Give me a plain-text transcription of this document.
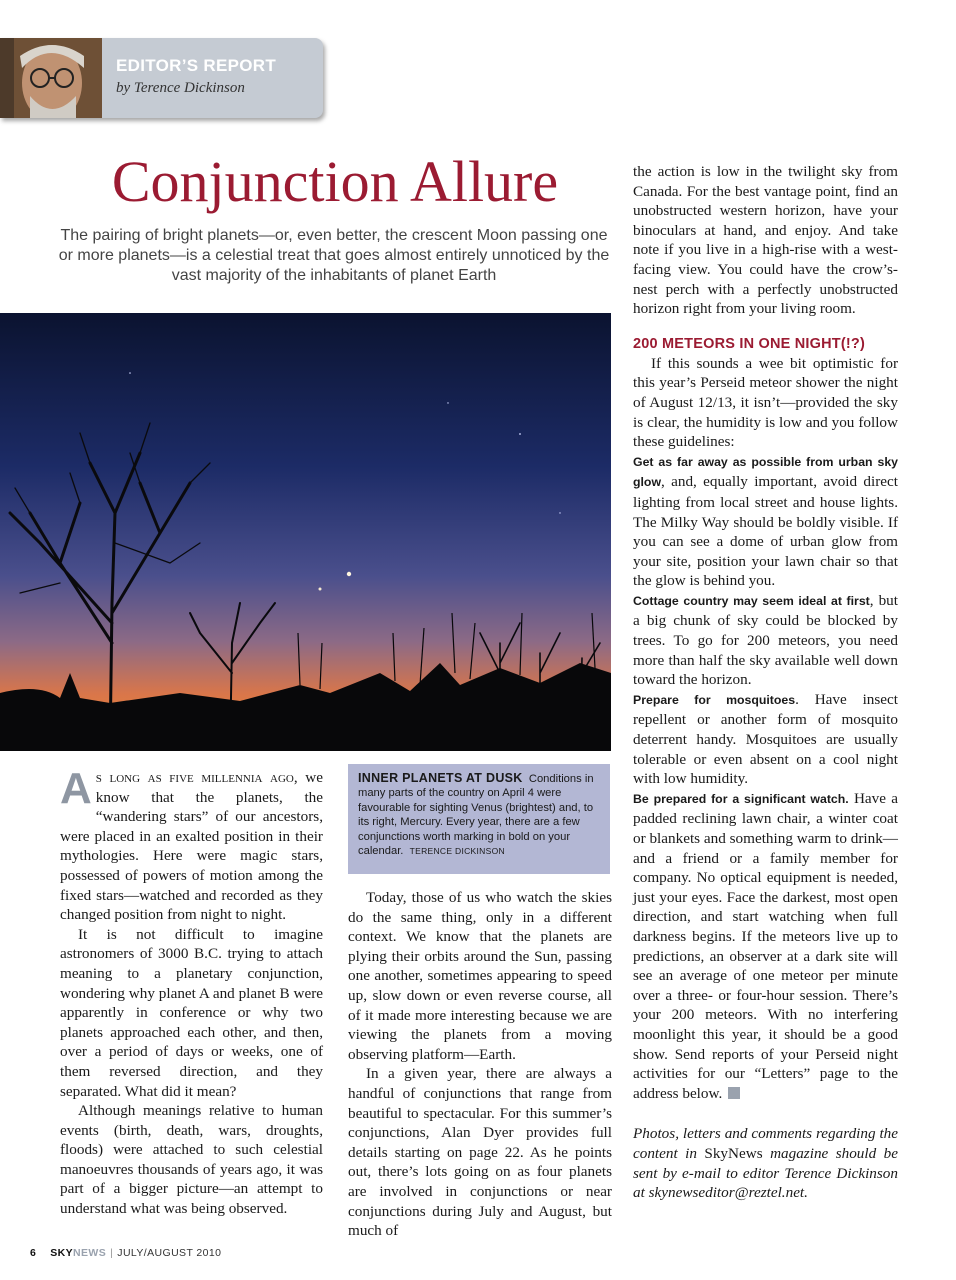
EDITOR’S REPORT
by Terence Dickinson
Conjunction Allure
The pairing of bright planets—or, even better, the crescent Moon passing one or more planets—is a celestial treat that goes almost entirely unnoticed by the vast majority of the inhabitants of planet Earth

As long as five millennia ago, we know that the planets, the “wandering stars” of our ancestors, were placed in an exalted position in their mythologies. Here were magic stars, possessed of powers of motion among the fixed stars—watched and recorded as they changed position from night to night.

It is not difficult to imagine astronomers of 3000 B.C. trying to attach meaning to a planetary conjunction, wondering why planet A and planet B were apparently in conference or why two planets approached each other, and then, over a period of days or weeks, one of them reversed direction, and they separated. What did it mean?

Although meanings relative to human events (birth, death, wars, droughts, floods) were attached to such celestial manoeuvres thousands of years ago, it was part of a bigger picture—an attempt to understand what was being observed.

INNER PLANETS AT DUSK Conditions in many parts of the country on April 4 were favourable for sighting Venus (brightest) and, to its right, Mercury. Every year, there are a few conjunctions worth marking in bold on your calendar. TERENCE DICKINSON

Today, those of us who watch the skies do the same thing, only in a different context. We know that the planets are plying their orbits around the Sun, passing one another, sometimes appearing to speed up, slow down or even reverse course, all of it made more interesting because we are viewing the planets from a moving observing platform—Earth.

In a given year, there are always a handful of conjunctions that range from beautiful to spectacular. For this summer’s conjunctions, Alan Dyer provides full details starting on page 22. As he points out, there’s lots going on as four planets are involved in conjunctions or near conjunctions during July and August, but much of

the action is low in the twilight sky from Canada. For the best vantage point, find an unobstructed western horizon, have your binoculars at hand, and enjoy. And take note if you live in a high-rise with a west-facing view. You could have the crow’s-nest perch with a perfectly unobstructed horizon right from your living room.

200 METEORS IN ONE NIGHT(!?)

If this sounds a wee bit optimistic for this year’s Perseid meteor shower the night of August 12/13, it isn’t—provided the sky is clear, the humidity is low and you follow these guidelines:

Get as far away as possible from urban sky glow, and, equally important, avoid direct lighting from local street and house lights. The Milky Way should be boldly visible. If you can see a dome of urban glow from your site, position your lawn chair so that the glow is behind you.

Cottage country may seem ideal at first, but a big chunk of sky could be blocked by trees. To go for 200 meteors, you need more than half the sky available well down toward the horizon.

Prepare for mosquitoes. Have insect repellent or another form of mosquito deterrent handy. Mosquitoes are usually tolerable or even absent on a cool night with low humidity.

Be prepared for a significant watch. Have a padded reclining lawn chair, a winter coat or blankets and something warm to drink—and a friend or a family member for company. No optical equipment is needed, just your eyes. Face the darkest, most open direction, and start watching when full darkness begins. If the meteors live up to predictions, an observer at a dark site will see an average of one meteor per minute over a three- or four-hour session. There’s your 200 meteors. With no interfering moonlight this year, it should be a good show. Send reports of your Perseid night activities for our “Letters” page to the address below.

Photos, letters and comments regarding the content in SkyNews magazine should be sent by e-mail to editor Terence Dickinson at skynewseditor@reztel.net.

6 SKYNEWS | JULY/AUGUST 2010
